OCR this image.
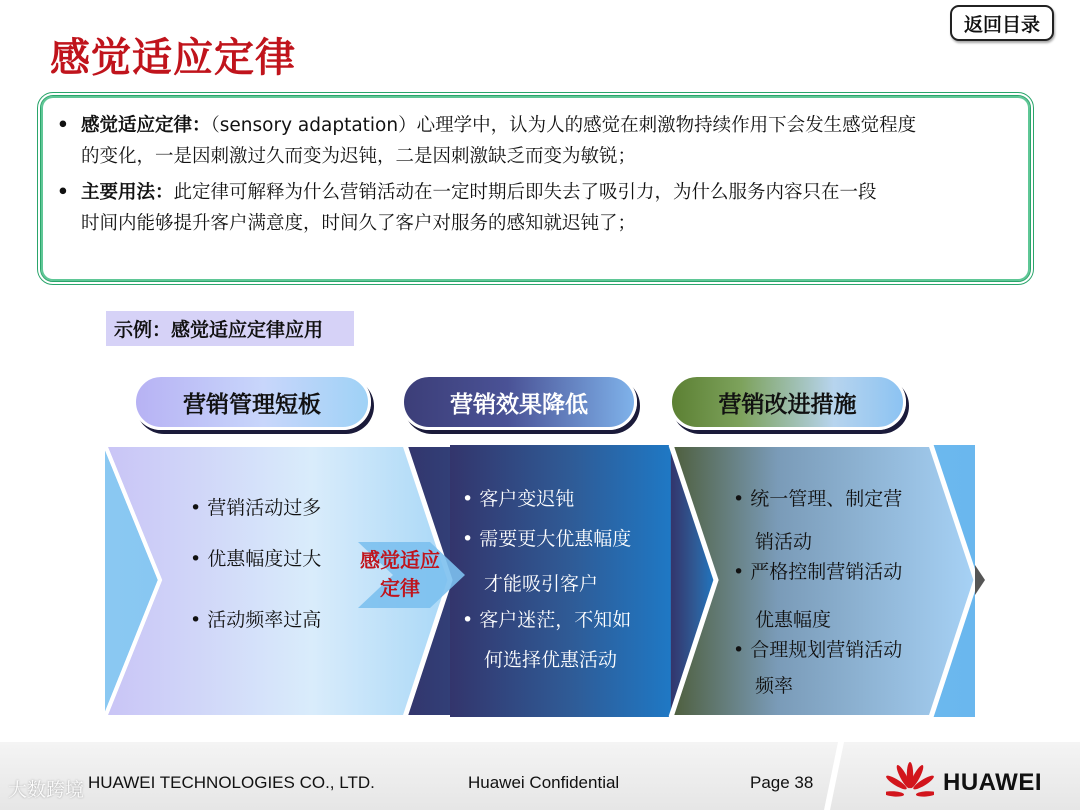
感觉适应定律
返回目录
• 感觉适应定律：（sensory adaptation）心理学中，认为人的感觉在刺激物持续作用下会发生感觉程度
的变化，一是因刺激过久而变为迟钝，二是因刺激缺乏而变为敏锐；
• 主要用法：此定律可解释为什么营销活动在一定时期后即失去了吸引力，为什么服务内容只在一段
时间内能够提升客户满意度，时间久了客户对服务的感知就迟钝了；
示例：感觉适应定律应用
营销管理短板	营销效果降低	营销改进措施
• 营销活动过多
• 优惠幅度过大
• 活动频率过高
感觉适应
定律
• 客户变迟钝
• 需要更大优惠幅度
才能吸引客户
• 客户迷茫，不知如
何选择优惠活动
• 统一管理、制定营
销活动
• 严格控制营销活动
优惠幅度
• 合理规划营销活动
频率
HUAWEI TECHNOLOGIES CO., LTD.	Huawei Confidential	Page 38	HUAWEI
大数跨境
